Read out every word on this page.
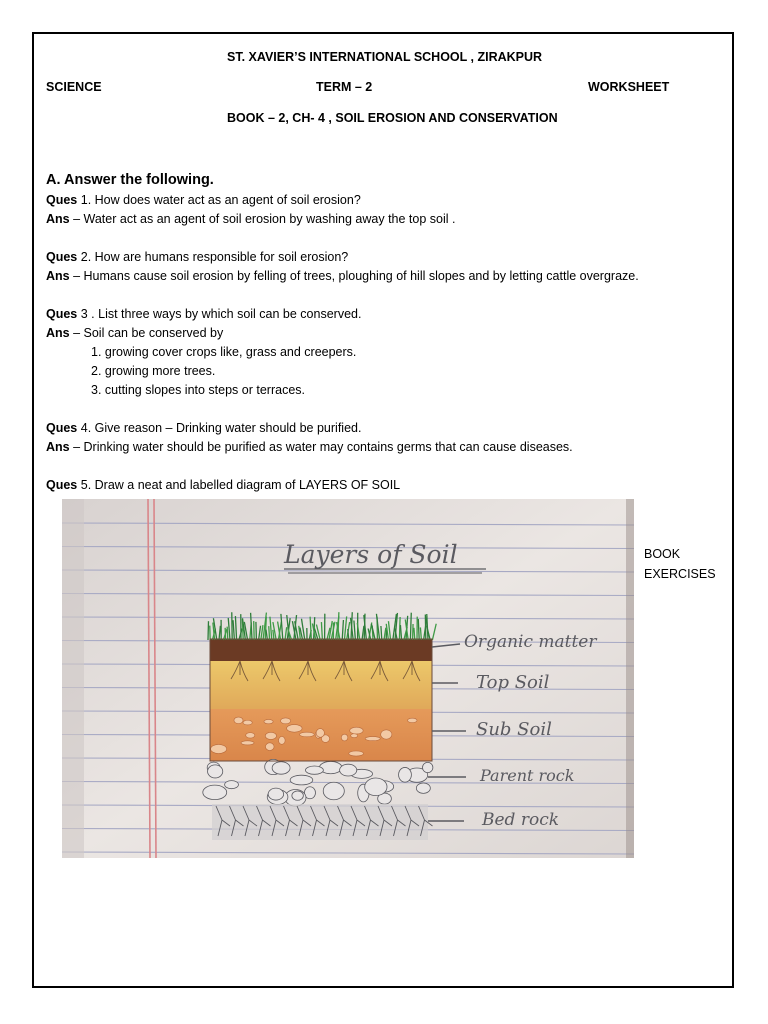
ST. XAVIER’S INTERNATIONAL SCHOOL , ZIRAKPUR
SCIENCE	TERM – 2	WORKSHEET
BOOK – 2, CH- 4 , SOIL EROSION AND CONSERVATION
A. Answer the following.
Ques 1. How does water act as an agent of soil erosion?
Ans – Water act as an agent of soil erosion by washing away the top soil .
Ques 2. How are humans responsible for soil erosion?
Ans – Humans cause soil erosion by felling of trees, ploughing of hill slopes and by letting cattle overgraze.
Ques 3 . List three ways by which soil can be conserved.
Ans – Soil can be conserved by
1. growing cover crops like, grass and creepers.
2. growing more trees.
3. cutting slopes into steps or terraces.
Ques 4. Give reason – Drinking water should be purified.
Ans – Drinking water should be purified as water may contains germs that can cause diseases.
Ques 5. Draw a neat and labelled diagram of LAYERS OF SOIL
Layers of Soil
Organic matter
Top Soil
Sub Soil
Parent rock
Bed rock
BOOK
EXERCISES
